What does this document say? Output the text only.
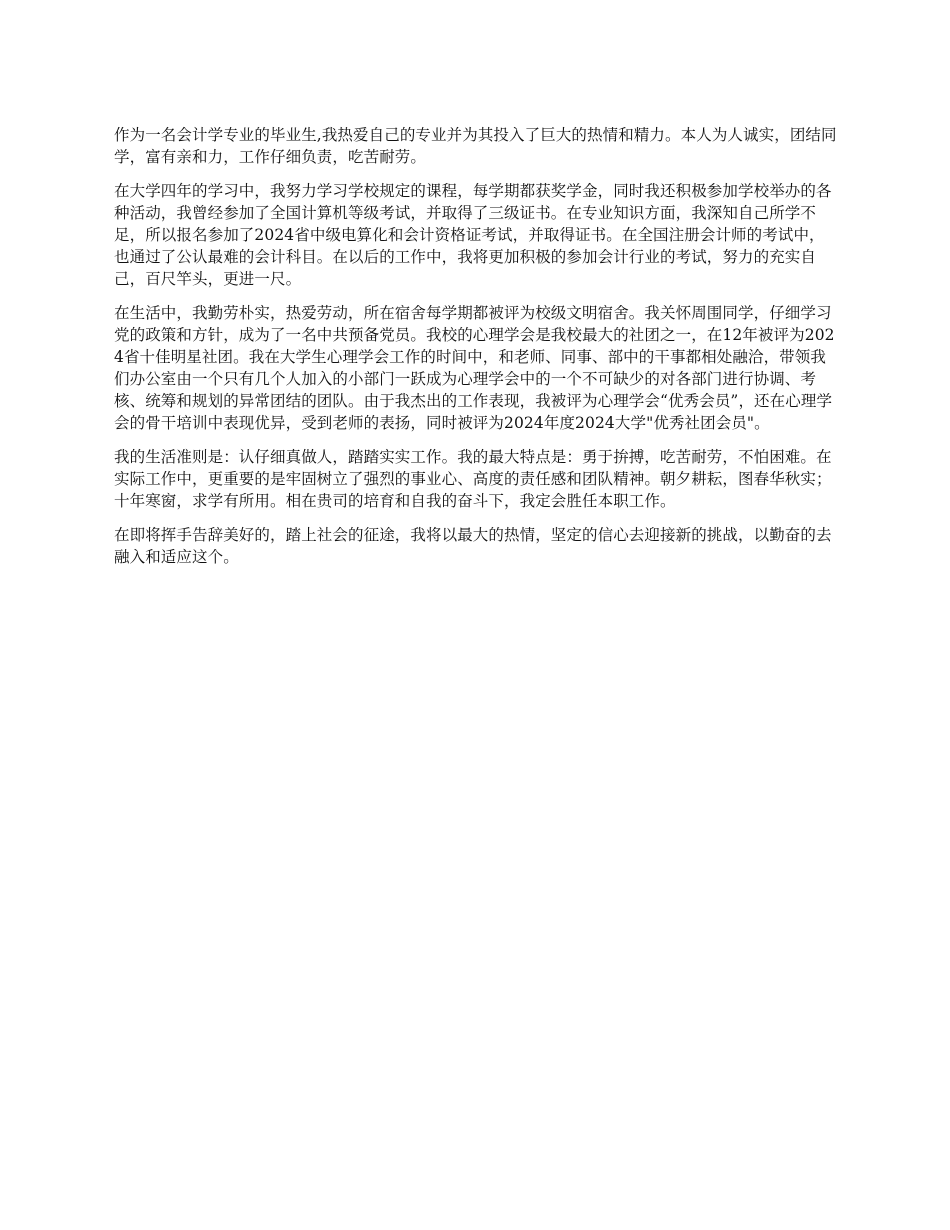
作为一名会计学专业的毕业生,我热爱自己的专业并为其投入了巨大的热情和精力。本人为人诚实，团结同学，富有亲和力，工作仔细负责，吃苦耐劳。

在大学四年的学习中，我努力学习学校规定的课程，每学期都获奖学金，同时我还积极参加学校举办的各种活动，我曾经参加了全国计算机等级考试，并取得了三级证书。在专业知识方面，我深知自己所学不足，所以报名参加了2024省中级电算化和会计资格证考试，并取得证书。在全国注册会计师的考试中，也通过了公认最难的会计科目。在以后的工作中，我将更加积极的参加会计行业的考试，努力的充实自己，百尺竿头，更进一尺。

在生活中，我勤劳朴实，热爱劳动，所在宿舍每学期都被评为校级文明宿舍。我关怀周围同学，仔细学习党的政策和方针，成为了一名中共预备党员。我校的心理学会是我校最大的社团之一，在12年被评为2024省十佳明星社团。我在大学生心理学会工作的时间中，和老师、同事、部中的干事都相处融洽，带领我们办公室由一个只有几个人加入的小部门一跃成为心理学会中的一个不可缺少的对各部门进行协调、考核、统筹和规划的异常团结的团队。由于我杰出的工作表现，我被评为心理学会“优秀会员”，还在心理学会的骨干培训中表现优异，受到老师的表扬，同时被评为2024年度2024大学"优秀社团会员"。

我的生活准则是：认仔细真做人，踏踏实实工作。我的最大特点是：勇于拚搏，吃苦耐劳，不怕困难。在实际工作中，更重要的是牢固树立了强烈的事业心、高度的责任感和团队精神。朝夕耕耘，图春华秋实；十年寒窗，求学有所用。相在贵司的培育和自我的奋斗下，我定会胜任本职工作。

在即将挥手告辞美好的，踏上社会的征途，我将以最大的热情，坚定的信心去迎接新的挑战，以勤奋的去融入和适应这个。
